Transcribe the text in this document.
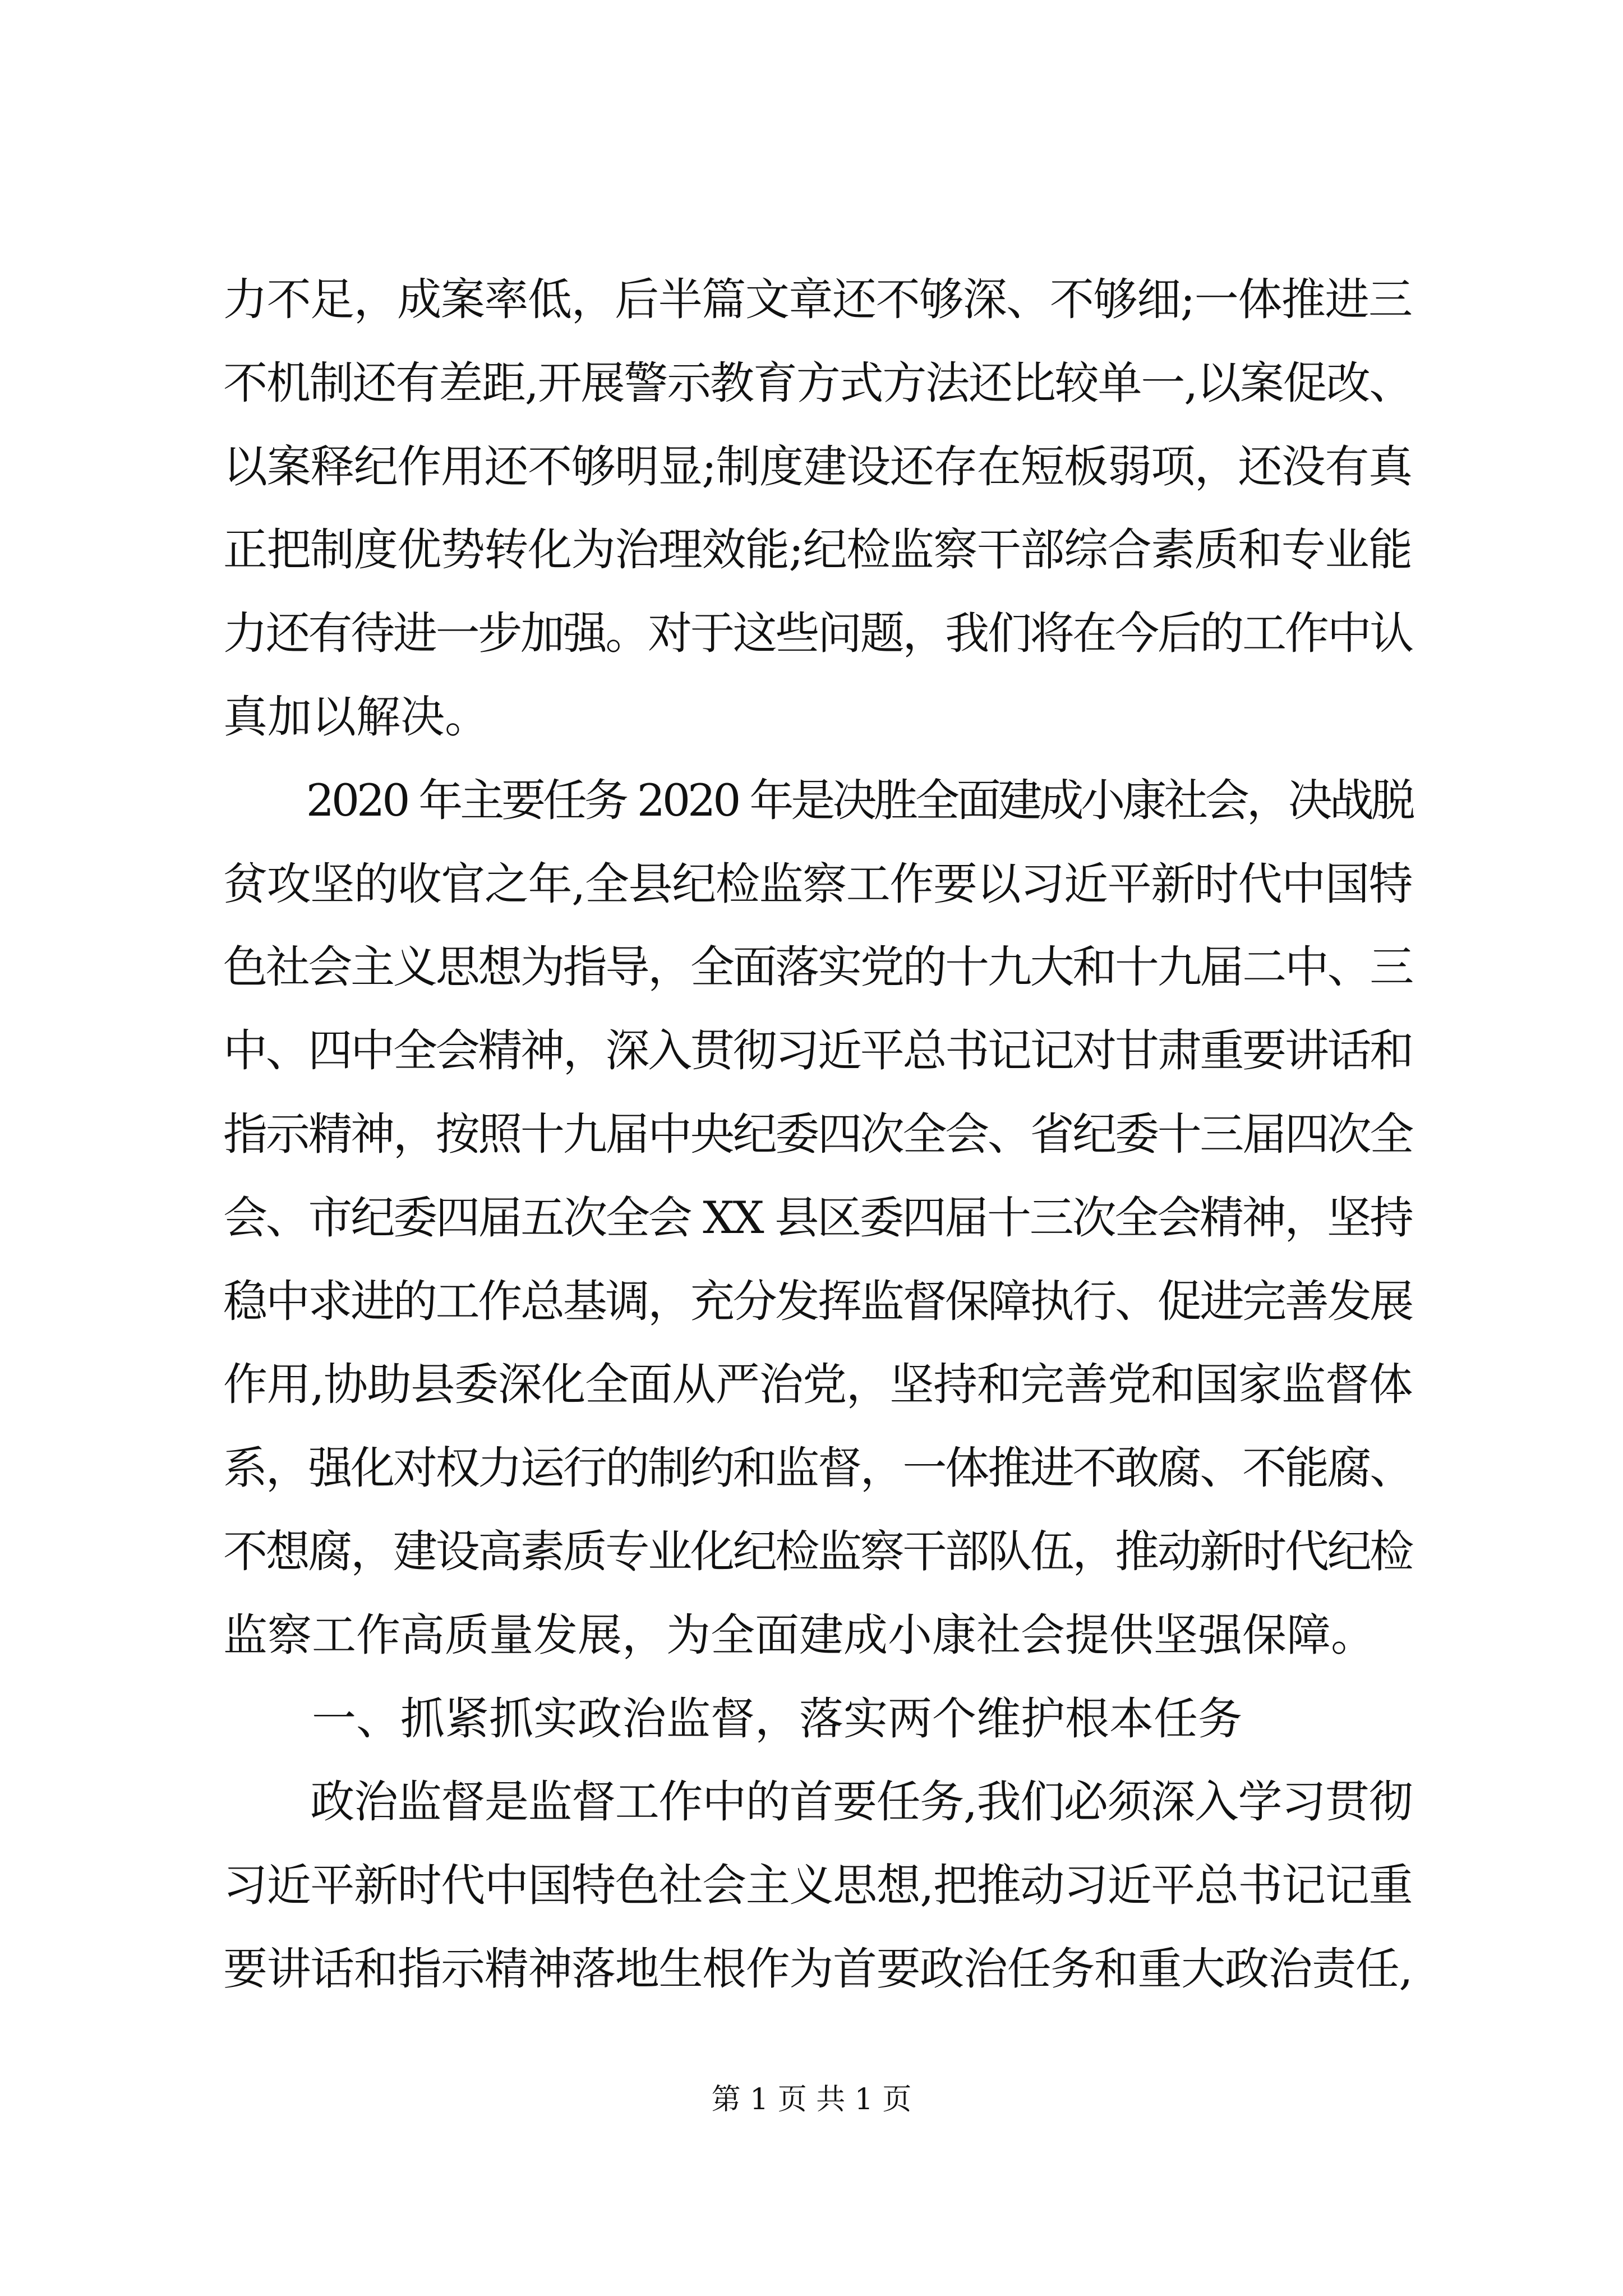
力不足，成案率低，后半篇文章还不够深、不够细;一体推进三
不机制还有差距,开展警示教育方式方法还比较单一,以案促改、
以案释纪作用还不够明显;制度建设还存在短板弱项，还没有真
正把制度优势转化为治理效能;纪检监察干部综合素质和专业能
力还有待进一步加强。对于这些问题，我们将在今后的工作中认
真加以解决。
　　2020 年主要任务 2020 年是决胜全面建成小康社会，决战脱
贫攻坚的收官之年,全县纪检监察工作要以习近平新时代中国特
色社会主义思想为指导，全面落实党的十九大和十九届二中、三
中、四中全会精神，深入贯彻习近平总书记记对甘肃重要讲话和
指示精神，按照十九届中央纪委四次全会、省纪委十三届四次全
会、市纪委四届五次全会 XX 县区委四届十三次全会精神，坚持
稳中求进的工作总基调，充分发挥监督保障执行、促进完善发展
作用,协助县委深化全面从严治党，坚持和完善党和国家监督体
系，强化对权力运行的制约和监督，一体推进不敢腐、不能腐、
不想腐，建设高素质专业化纪检监察干部队伍，推动新时代纪检
监察工作高质量发展，为全面建成小康社会提供坚强保障。
　　一、抓紧抓实政治监督，落实两个维护根本任务
　　政治监督是监督工作中的首要任务,我们必须深入学习贯彻
习近平新时代中国特色社会主义思想,把推动习近平总书记记重
要讲话和指示精神落地生根作为首要政治任务和重大政治责任,
第 1 页 共 1 页
